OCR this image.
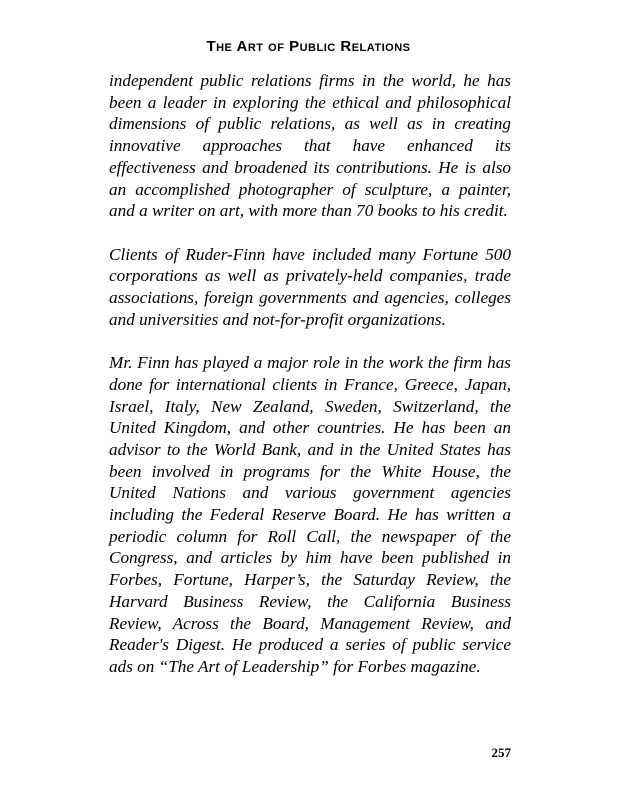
The Art of Public Relations

independent public relations firms in the world, he has been a leader in exploring the ethical and philosophical dimensions of public relations, as well as in creating innovative approaches that have enhanced its effectiveness and broadened its contributions. He is also an accomplished photographer of sculpture, a painter, and a writer on art, with more than 70 books to his credit.

Clients of Ruder-Finn have included many Fortune 500 corporations as well as privately-held companies, trade associations, foreign governments and agencies, colleges and universities and not-for-profit organizations.

Mr. Finn has played a major role in the work the firm has done for international clients in France, Greece, Japan, Israel, Italy, New Zealand, Sweden, Switzerland, the United Kingdom, and other countries. He has been an advisor to the World Bank, and in the United States has been involved in programs for the White House, the United Nations and various government agencies including the Federal Reserve Board. He has written a periodic column for Roll Call, the newspaper of the Congress, and articles by him have been published in Forbes, Fortune, Harper’s, the Saturday Review, the Harvard Business Review, the California Business Review, Across the Board, Management Review, and Reader's Digest. He produced a series of public service ads on “The Art of Leadership” for Forbes magazine.

257
